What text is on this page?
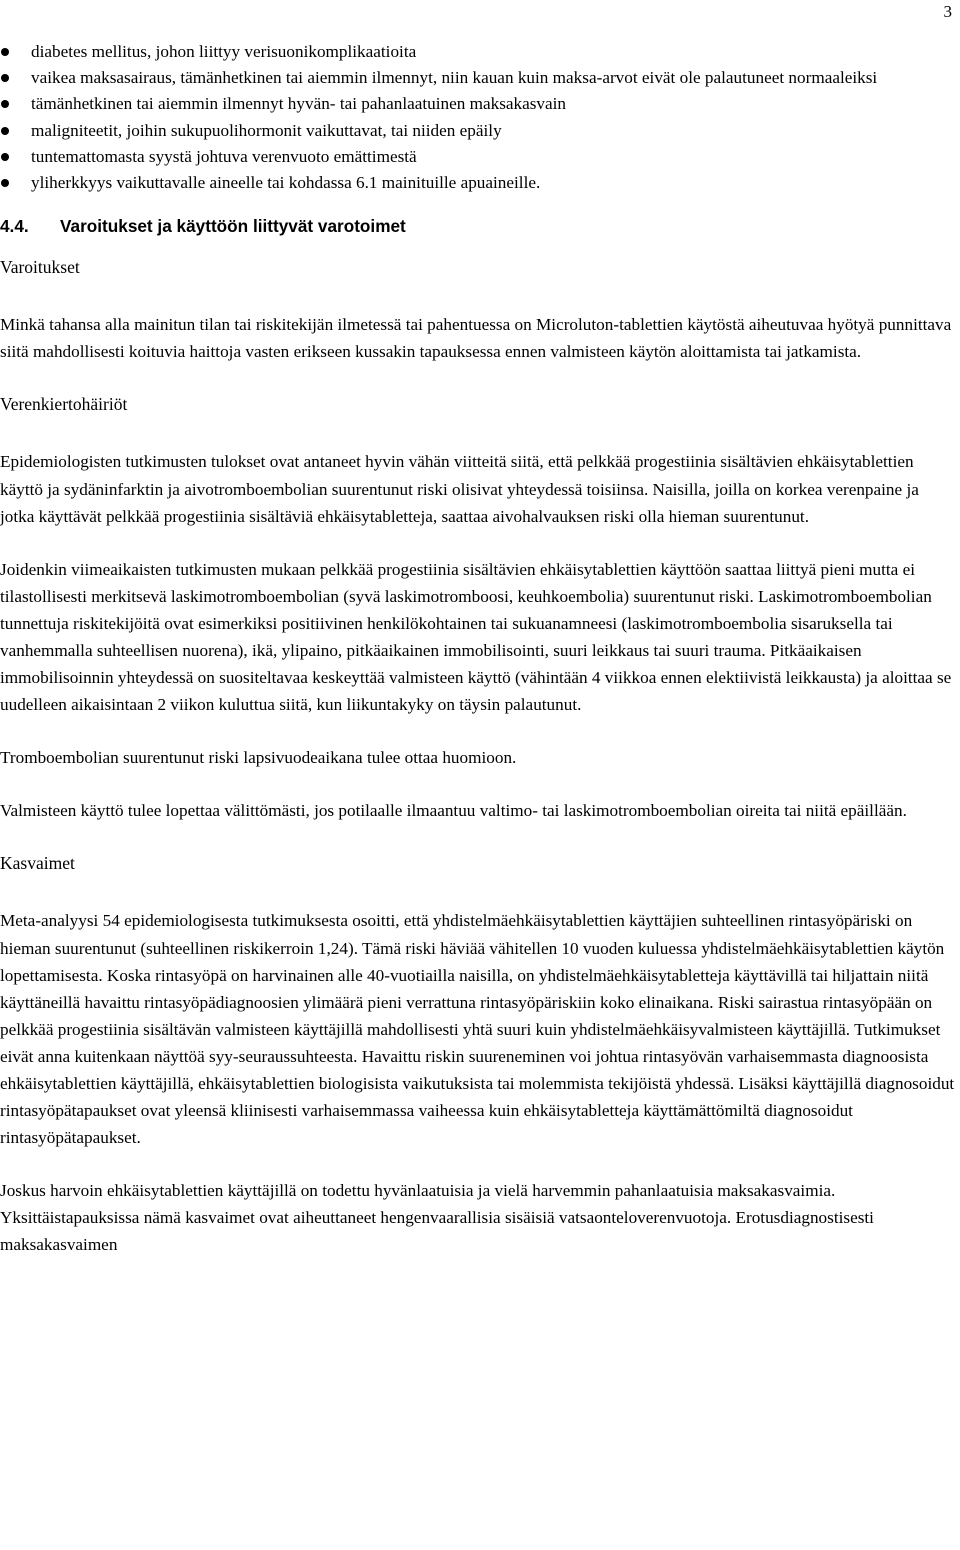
3
diabetes mellitus, johon liittyy verisuonikomplikaatioita
vaikea maksasairaus, tämänhetkinen tai aiemmin ilmennyt, niin kauan kuin maksa-arvot eivät ole palautuneet normaaleiksi
tämänhetkinen tai aiemmin ilmennyt hyvän- tai pahanlaatuinen maksakasvain
maligniteetit, joihin sukupuolihormonit vaikuttavat, tai niiden epäily
tuntemattomasta syystä johtuva verenvuoto emättimestä
yliherkkyys vaikuttavalle aineelle tai kohdassa 6.1 mainituille apuaineille.
4.4. Varoitukset ja käyttöön liittyvät varotoimet
Varoitukset

Minkä tahansa alla mainitun tilan tai riskitekijän ilmetessä tai pahentuessa on Microluton-tablettien käytöstä aiheutuvaa hyötyä punnittava siitä mahdollisesti koituvia haittoja vasten erikseen kussakin tapauksessa ennen valmisteen käytön aloittamista tai jatkamista.

Verenkiertohäiriöt

Epidemiologisten tutkimusten tulokset ovat antaneet hyvin vähän viitteitä siitä, että pelkkää progestiinia sisältävien ehkäisytablettien käyttö ja sydäninfarktin ja aivotromboembolian suurentunut riski olisivat yhteydessä toisiinsa. Naisilla, joilla on korkea verenpaine ja jotka käyttävät pelkkää progestiinia sisältäviä ehkäisytabletteja, saattaa aivohalvauksen riski olla hieman suurentunut.

Joidenkin viimeaikaisten tutkimusten mukaan pelkkää progestiinia sisältävien ehkäisytablettien käyttöön saattaa liittyä pieni mutta ei tilastollisesti merkitsevä laskimotromboembolian (syvä laskimotromboosi, keuhkoembolia) suurentunut riski. Laskimotromboembolian tunnettuja riskitekijöitä ovat esimerkiksi positiivinen henkilökohtainen tai sukuanamneesi (laskimotromboembolia sisaruksella tai vanhemmalla suhteellisen nuorena), ikä, ylipaino, pitkäaikainen immobilisointi, suuri leikkaus tai suuri trauma. Pitkäaikaisen immobilisoinnin yhteydessä on suositeltavaa keskeyttää valmisteen käyttö (vähintään 4 viikkoa ennen elektiivistä leikkausta) ja aloittaa se uudelleen aikaisintaan 2 viikon kuluttua siitä, kun liikuntakyky on täysin palautunut.

Tromboembolian suurentunut riski lapsivuodeaikana tulee ottaa huomioon.

Valmisteen käyttö tulee lopettaa välittömästi, jos potilaalle ilmaantuu valtimo- tai laskimotromboembolian oireita tai niitä epäillään.

Kasvaimet

Meta-analyysi 54 epidemiologisesta tutkimuksesta osoitti, että yhdistelmäehkäisytablettien käyttäjien suhteellinen rintasyöpäriski on hieman suurentunut (suhteellinen riskikerroin 1,24). Tämä riski häviää vähitellen 10 vuoden kuluessa yhdistelmäehkäisytablettien käytön lopettamisesta. Koska rintasyöpä on harvinainen alle 40-vuotiailla naisilla, on yhdistelmäehkäisytabletteja käyttävillä tai hiljattain niitä käyttäneillä havaittu rintasyöpädiagnoosien ylimäärä pieni verrattuna rintasyöpäriskiin koko elinaikana. Riski sairastua rintasyöpään on pelkkää progestiinia sisältävän valmisteen käyttäjillä mahdollisesti yhtä suuri kuin yhdistelmäehkäisyvalmisteen käyttäjillä. Tutkimukset eivät anna kuitenkaan näyttöä syy-seuraussuhteesta. Havaittu riskin suureneminen voi johtua rintasyövän varhaisemmasta diagnoosista ehkäisytablettien käyttäjillä, ehkäisytablettien biologisista vaikutuksista tai molemmista tekijöistä yhdessä. Lisäksi käyttäjillä diagnosoidut rintasyöpätapaukset ovat yleensä kliinisesti varhaisemmassa vaiheessa kuin ehkäisytabletteja käyttämättömiltä diagnosoidut rintasyöpätapaukset.

Joskus harvoin ehkäisytablettien käyttäjillä on todettu hyvänlaatuisia ja vielä harvemmin pahanlaatuisia maksakasvaimia. Yksittäistapauksissa nämä kasvaimet ovat aiheuttaneet hengenvaarallisia sisäisiä vatsaonteloverenvuotoja. Erotusdiagnostisesti maksakasvaimen
